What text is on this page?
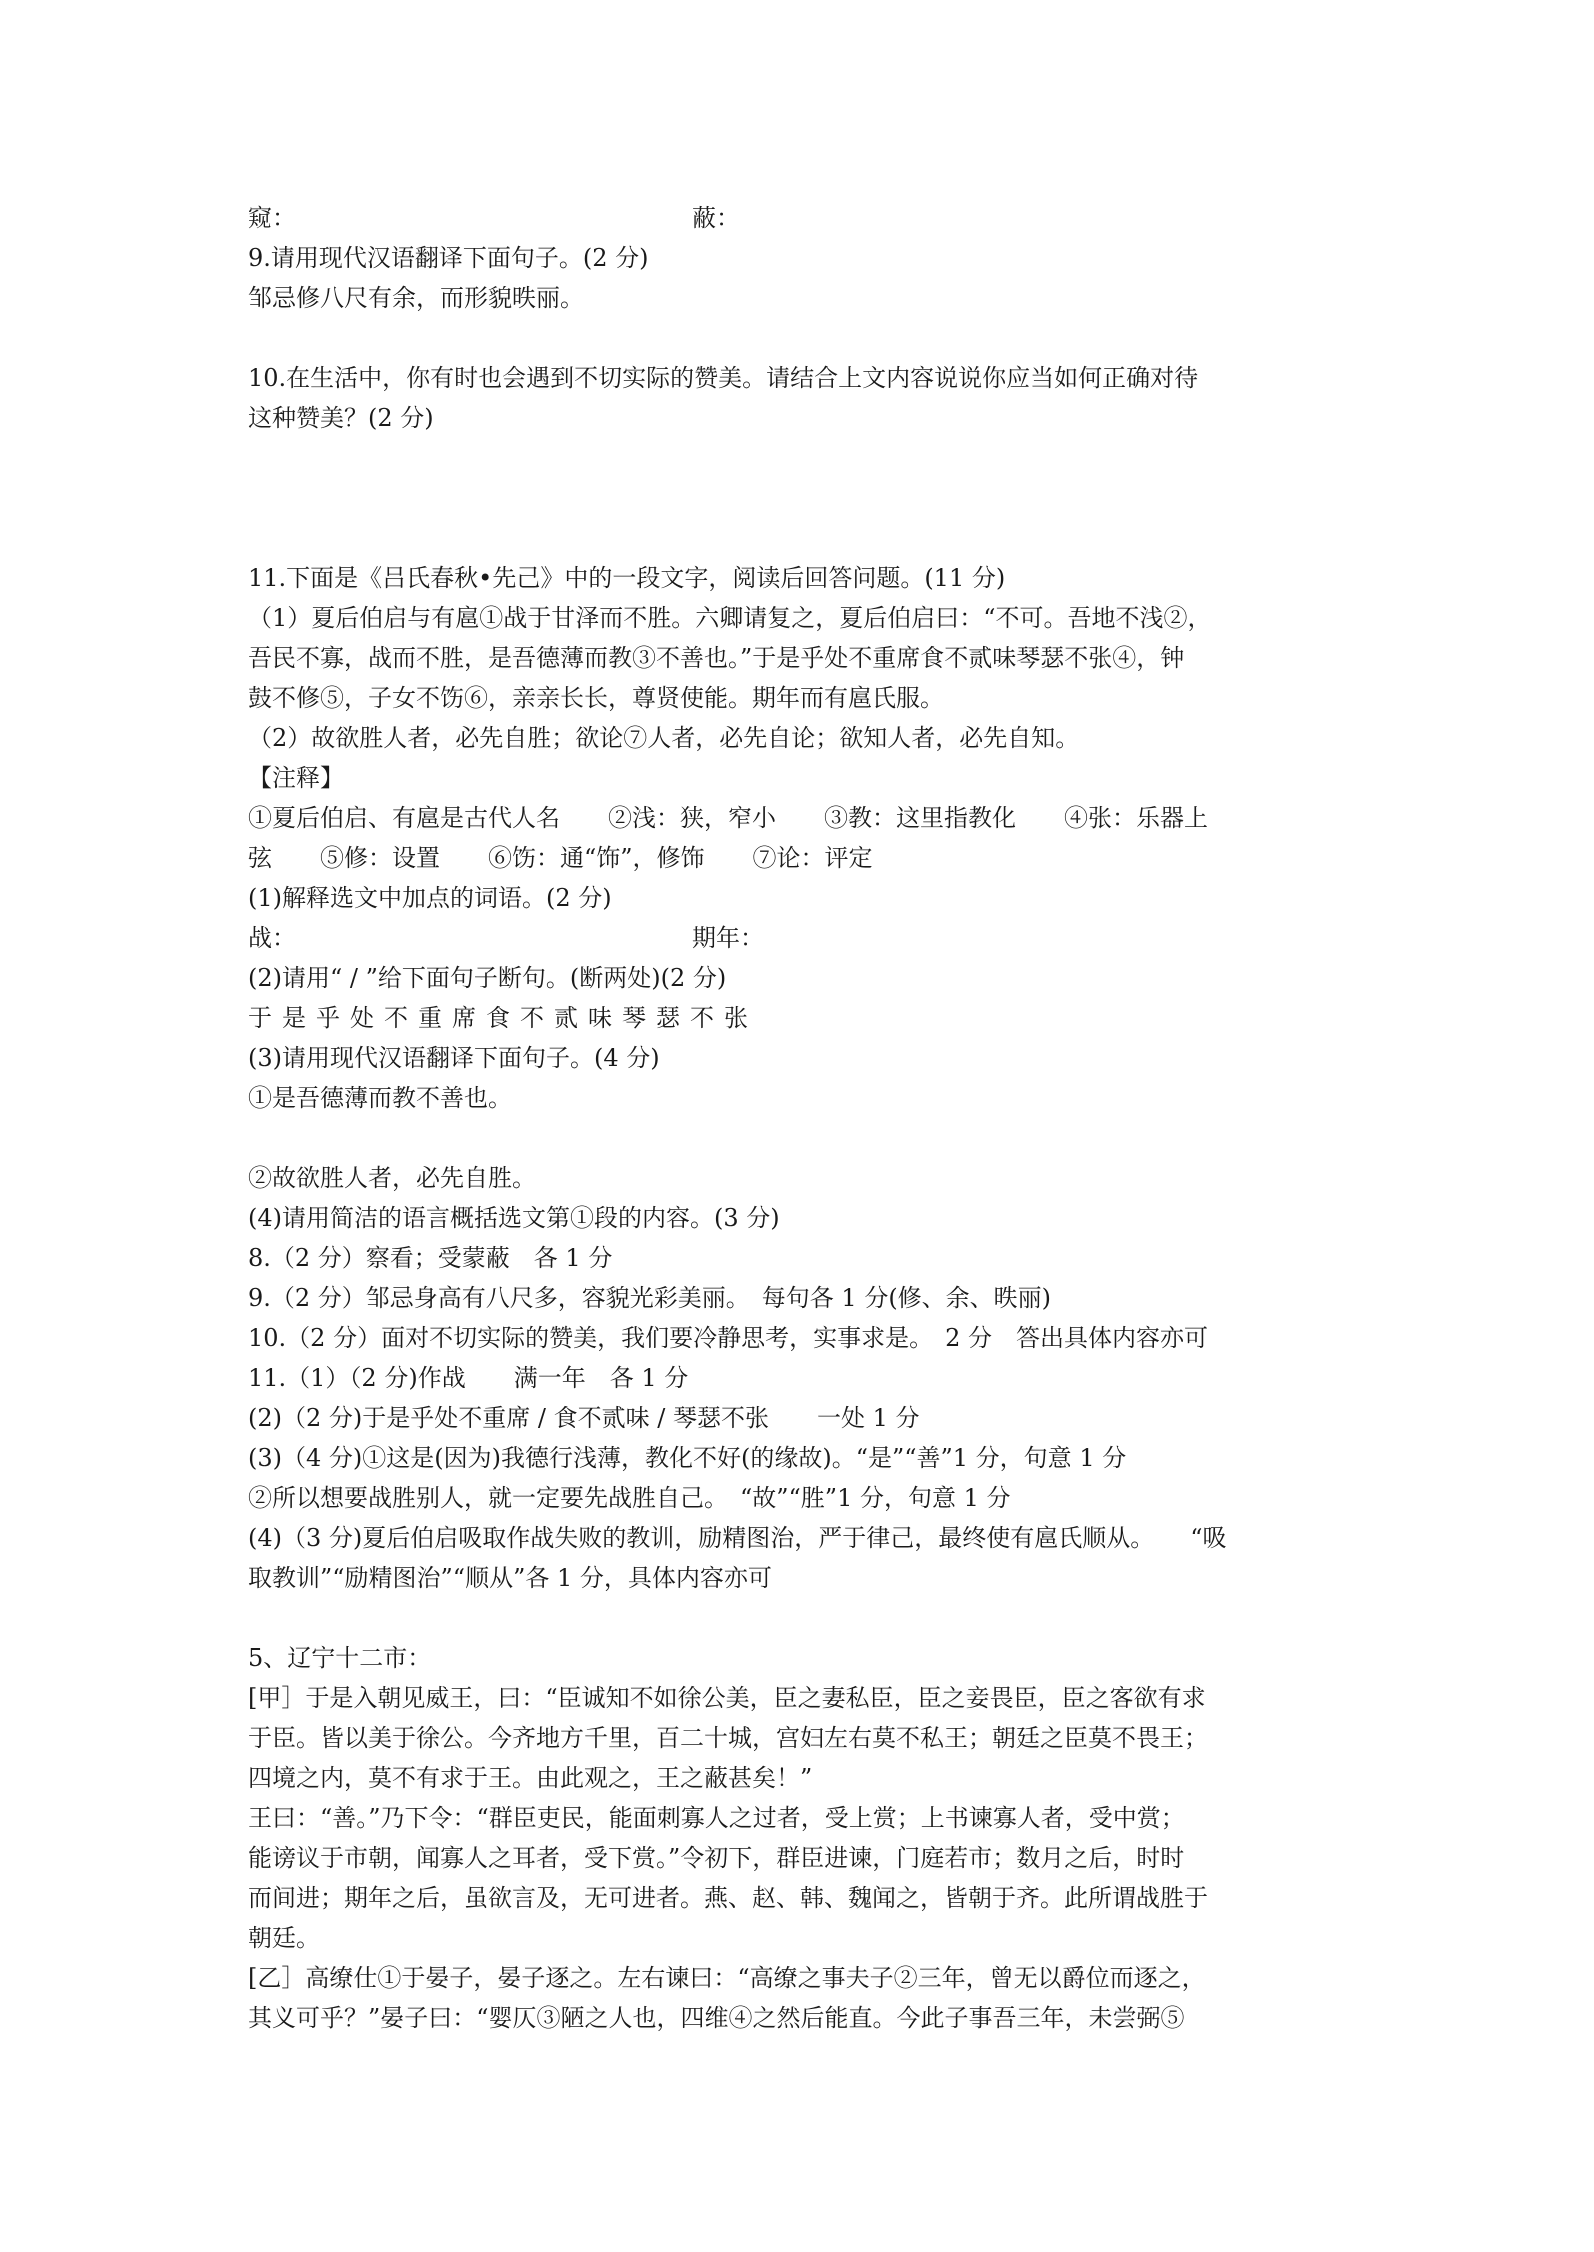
窥：	蔽：
9.请用现代汉语翻译下面句子。(2 分)
邹忌修八尺有余，而形貌昳丽。
10.在生活中，你有时也会遇到不切实际的赞美。请结合上文内容说说你应当如何正确对待
这种赞美？(2 分)
11.下面是《吕氏春秋•先己》中的一段文字，阅读后回答问题。(11 分)
（1）夏后伯启与有扈①战于甘泽而不胜。六卿请复之，夏后伯启曰：“不可。吾地不浅②，
吾民不寡，战而不胜，是吾德薄而教③不善也。”于是乎处不重席食不贰味琴瑟不张④，钟
鼓不修⑤，子女不饬⑥，亲亲长长，尊贤使能。期年而有扈氏服。
（2）故欲胜人者，必先自胜；欲论⑦人者，必先自论；欲知人者，必先自知。
【注释】
①夏后伯启、有扈是古代人名　　②浅：狭，窄小　　③教：这里指教化　　④张：乐器上
弦　　⑤修：设置　　⑥饬：通“饰”，修饰　　⑦论：评定
(1)解释选文中加点的词语。(2 分)
战：	期年：
(2)请用“ / ”给下面句子断句。(断两处)(2 分)
于是乎处不重席食不贰味琴瑟不张
(3)请用现代汉语翻译下面句子。(4 分)
①是吾德薄而教不善也。
②故欲胜人者，必先自胜。
(4)请用简洁的语言概括选文第①段的内容。(3 分)
8.（2 分）察看；受蒙蔽　各 1 分
9.（2 分）邹忌身高有八尺多，容貌光彩美丽。　每句各 1 分(修、余、昳丽)
10.（2 分）面对不切实际的赞美，我们要冷静思考，实事求是。　2 分　答出具体内容亦可
11.（1）（2 分)作战　　满一年　各 1 分
(2)（2 分)于是乎处不重席 / 食不贰味 / 琴瑟不张　　一处 1 分
(3)（4 分)①这是(因为)我德行浅薄，教化不好(的缘故)。“是”“善”1 分，句意 1 分
②所以想要战胜别人，就一定要先战胜自己。　“故”“胜”1 分，句意 1 分
(4)（3 分)夏后伯启吸取作战失败的教训，励精图治，严于律己，最终使有扈氏顺从。　　“吸
取教训”“励精图治”“顺从”各 1 分，具体内容亦可
5、辽宁十二市：
[甲］于是入朝见威王，曰：“臣诚知不如徐公美，臣之妻私臣，臣之妾畏臣，臣之客欲有求
于臣。皆以美于徐公。今齐地方千里，百二十城，宫妇左右莫不私王；朝廷之臣莫不畏王；
四境之内，莫不有求于王。由此观之，王之蔽甚矣！”
王曰：“善。”乃下令：“群臣吏民，能面刺寡人之过者，受上赏；上书谏寡人者，受中赏；
能谤议于市朝，闻寡人之耳者，受下赏。”令初下，群臣进谏，门庭若市；数月之后，时时
而间进；期年之后，虽欲言及，无可进者。燕、赵、韩、魏闻之，皆朝于齐。此所谓战胜于
朝廷。
[乙］高缭仕①于晏子，晏子逐之。左右谏曰：“高缭之事夫子②三年，曾无以爵位而逐之，
其义可乎？”晏子曰：“婴仄③陋之人也，四维④之然后能直。今此子事吾三年，未尝弼⑤
